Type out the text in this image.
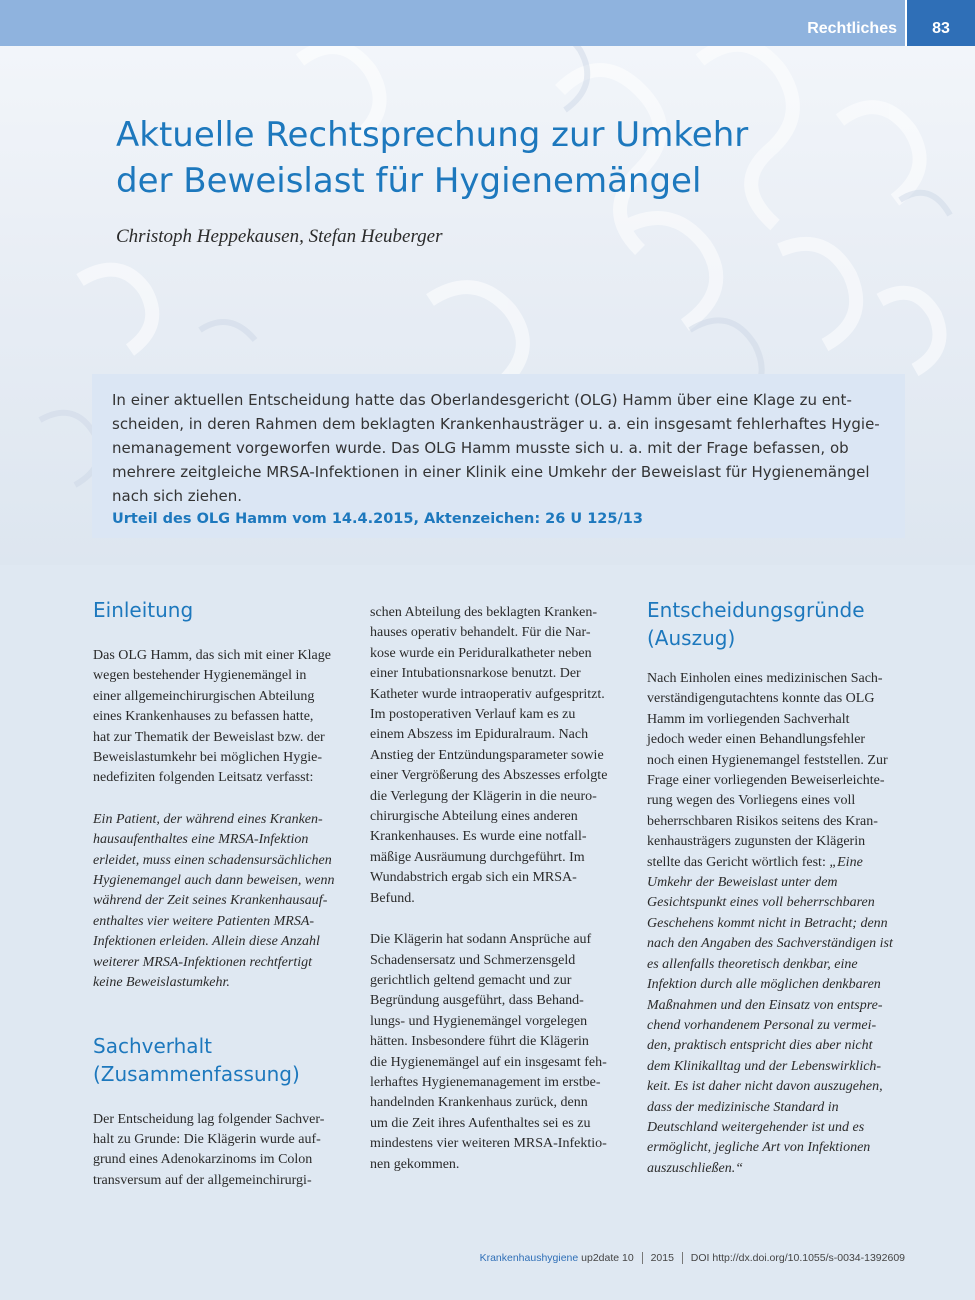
Rechtliches	83
Aktuelle Rechtsprechung zur Umkehr
der Beweislast für Hygienemängel

Christoph Heppekausen, Stefan Heuberger

In einer aktuellen Entscheidung hatte das Oberlandesgericht (OLG) Hamm über eine Klage zu ent-
scheiden, in deren Rahmen dem beklagten Krankenhausträger u. a. ein insgesamt fehlerhaftes Hygie-
nemanagement vorgeworfen wurde. Das OLG Hamm musste sich u. a. mit der Frage befassen, ob
mehrere zeitgleiche MRSA-Infektionen in einer Klinik eine Umkehr der Beweislast für Hygienemängel
nach sich ziehen.

Urteil des OLG Hamm vom 14.4.2015, Aktenzeichen: 26 U 125/13

Einleitung

Das OLG Hamm, das sich mit einer Klage
wegen bestehender Hygienemängel in
einer allgemeinchirurgischen Abteilung
eines Krankenhauses zu befassen hatte,
hat zur Thematik der Beweislast bzw. der
Beweislastumkehr bei möglichen Hygie-
nedefiziten folgenden Leitsatz verfasst:

Ein Patient, der während eines Kranken-
hausaufenthaltes eine MRSA-Infektion
erleidet, muss einen schadensursächlichen
Hygienemangel auch dann beweisen, wenn
während der Zeit seines Krankenhausauf-
enthaltes vier weitere Patienten MRSA-
Infektionen erleiden. Allein diese Anzahl
weiterer MRSA-Infektionen rechtfertigt
keine Beweislastumkehr.

Sachverhalt
(Zusammenfassung)

Der Entscheidung lag folgender Sachver-
halt zu Grunde: Die Klägerin wurde auf-
grund eines Adenokarzinoms im Colon
transversum auf der allgemeinchirurgi-

schen Abteilung des beklagten Kranken-
hauses operativ behandelt. Für die Nar-
kose wurde ein Periduralkatheter neben
einer Intubationsnarkose benutzt. Der
Katheter wurde intraoperativ aufgespritzt.
Im postoperativen Verlauf kam es zu
einem Abszess im Epiduralraum. Nach
Anstieg der Entzündungsparameter sowie
einer Vergrößerung des Abszesses erfolgte
die Verlegung der Klägerin in die neuro-
chirurgische Abteilung eines anderen
Krankenhauses. Es wurde eine notfall-
mäßige Ausräumung durchgeführt. Im
Wundabstrich ergab sich ein MRSA-
Befund.

Die Klägerin hat sodann Ansprüche auf
Schadensersatz und Schmerzensgeld
gerichtlich geltend gemacht und zur
Begründung ausgeführt, dass Behand-
lungs- und Hygienemängel vorgelegen
hätten. Insbesondere führt die Klägerin
die Hygienemängel auf ein insgesamt feh-
lerhaftes Hygienemanagement im erstbe-
handelnden Krankenhaus zurück, denn
um die Zeit ihres Aufenthaltes sei es zu
mindestens vier weiteren MRSA-Infektio-
nen gekommen.

Entscheidungsgründe
(Auszug)

Nach Einholen eines medizinischen Sach-
verständigengutachtens konnte das OLG
Hamm im vorliegenden Sachverhalt
jedoch weder einen Behandlungsfehler
noch einen Hygienemangel feststellen. Zur
Frage einer vorliegenden Beweiserleichte-
rung wegen des Vorliegens eines voll
beherrschbaren Risikos seitens des Kran-
kenhausträgers zugunsten der Klägerin
stellte das Gericht wörtlich fest: „Eine
Umkehr der Beweislast unter dem
Gesichtspunkt eines voll beherrschbaren
Geschehens kommt nicht in Betracht; denn
nach den Angaben des Sachverständigen ist
es allenfalls theoretisch denkbar, eine
Infektion durch alle möglichen denkbaren
Maßnahmen und den Einsatz von entspre-
chend vorhandenem Personal zu vermei-
den, praktisch entspricht dies aber nicht
dem Klinikalltag und der Lebenswirklich-
keit. Es ist daher nicht davon auszugehen,
dass der medizinische Standard in
Deutschland weitergehender ist und es
ermöglicht, jegliche Art von Infektionen
auszuschließen.“

Krankenhaushygiene up2date 10 2015 DOI http://dx.doi.org/10.1055/s-0034-1392609
